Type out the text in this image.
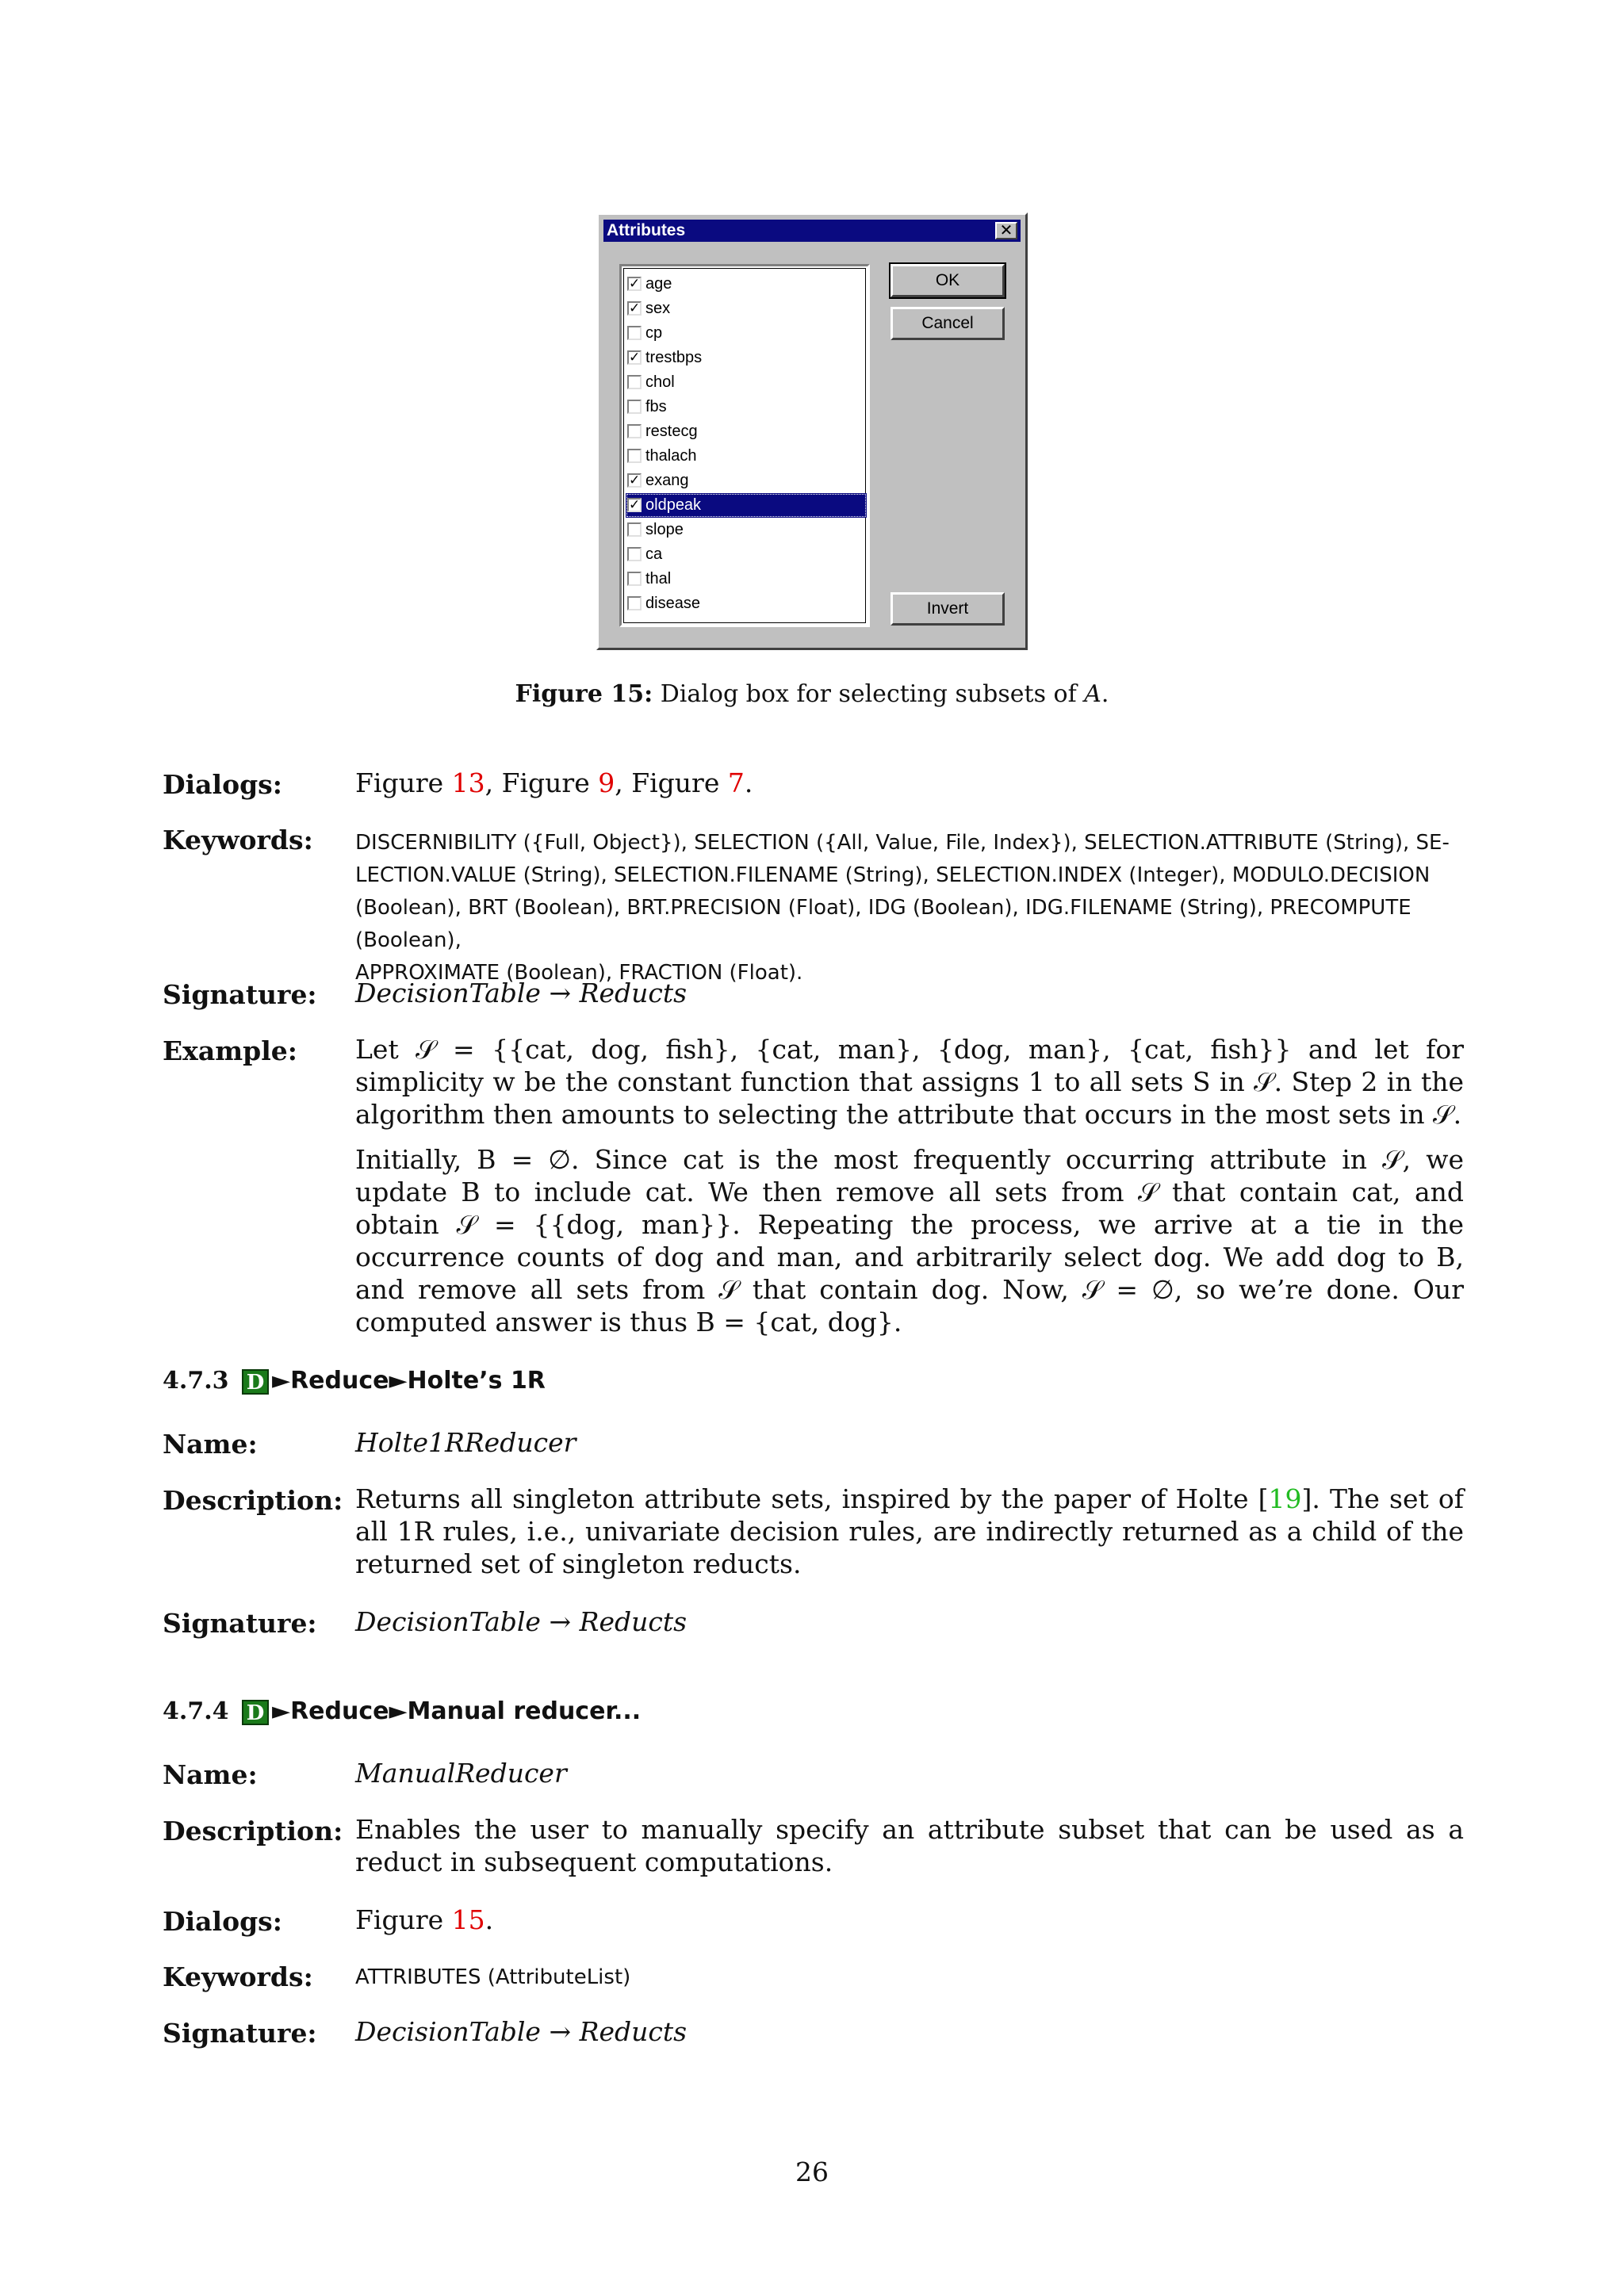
Attributes	✕
✓ age
✓ sex
cp
✓ trestbps
chol
fbs
restecg
thalach
✓ exang
✓ oldpeak
slope
ca
thal
disease
OK
Cancel
Invert
Figure 15: Dialog box for selecting subsets of A.
Dialogs:	Figure 13, Figure 9, Figure 7.
Keywords: DISCERNIBILITY ({Full, Object}), SELECTION ({All, Value, File, Index}), SELECTION.ATTRIBUTE (String), SE-
LECTION.VALUE (String), SELECTION.FILENAME (String), SELECTION.INDEX (Integer), MODULO.DECISION
(Boolean), BRT (Boolean), BRT.PRECISION (Float), IDG (Boolean), IDG.FILENAME (String), PRECOMPUTE (Boolean),
APPROXIMATE (Boolean), FRACTION (Float).
Signature: DecisionTable → Reducts
Example: Let 𝒮 = {{cat, dog, fish}, {cat, man}, {dog, man}, {cat, fish}} and let for simplicity w be the constant function that assigns 1 to all sets S in 𝒮. Step 2 in the algorithm then amounts to selecting the attribute that occurs in the most sets in 𝒮.
Initially, B = ∅. Since cat is the most frequently occurring attribute in 𝒮, we update B to include cat. We then remove all sets from 𝒮 that contain cat, and obtain 𝒮 = {{dog, man}}. Repeating the process, we arrive at a tie in the occurrence counts of dog and man, and arbitrarily select dog. We add dog to B, and remove all sets from 𝒮 that contain dog. Now, 𝒮 = ∅, so we’re done. Our computed answer is thus B = {cat, dog}.
4.7.3 D ►Reduce►Holte’s 1R
Name:	Holte1RReducer
Description: Returns all singleton attribute sets, inspired by the paper of Holte [19]. The set of all 1R rules, i.e., univariate decision rules, are indirectly returned as a child of the returned set of singleton reducts.
Signature: DecisionTable → Reducts
4.7.4 D ►Reduce►Manual reducer...
Name:	ManualReducer
Description: Enables the user to manually specify an attribute subset that can be used as a reduct in subsequent computations.
Dialogs:	Figure 15.
Keywords: ATTRIBUTES (AttributeList)
Signature: DecisionTable → Reducts
26
